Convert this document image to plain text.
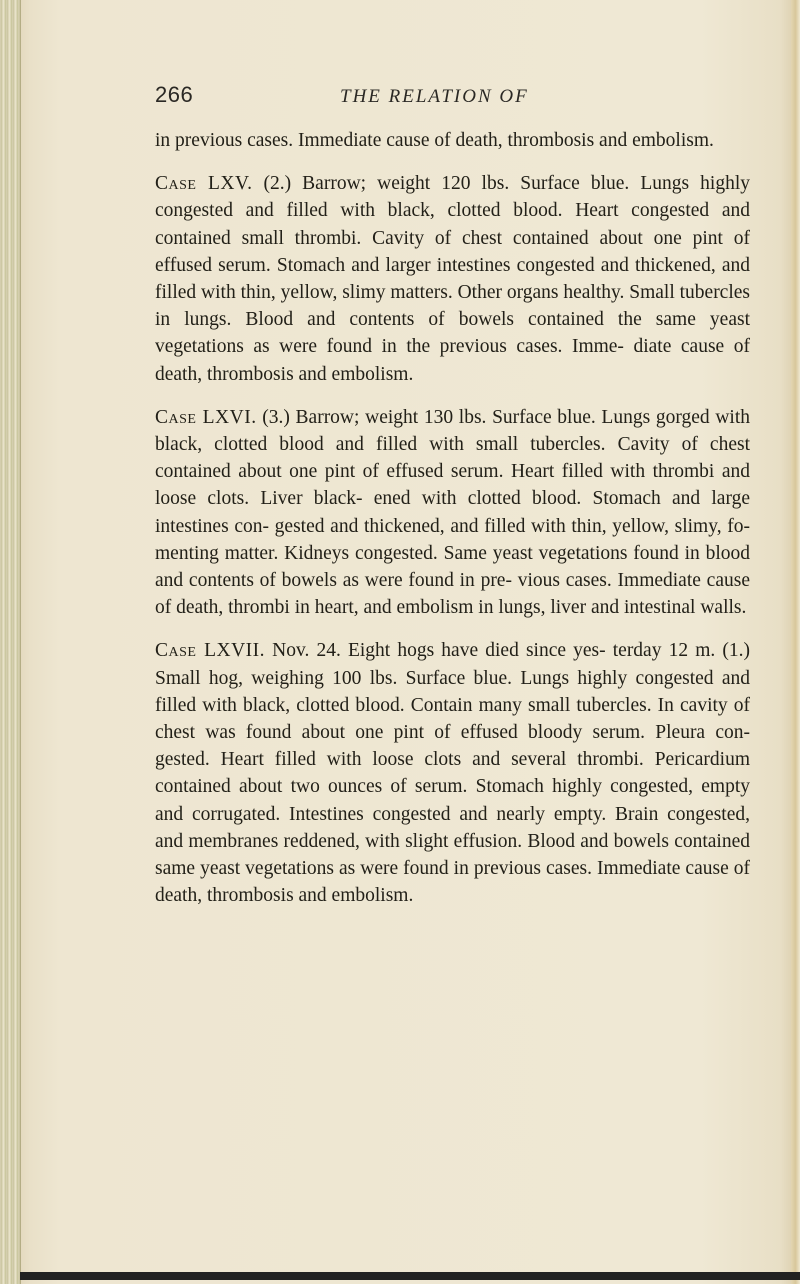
266	THE RELATION OF

in previous cases. Immediate cause of death, thrombosis and embolism.

Case LXV. (2.) Barrow; weight 120 lbs. Surface blue. Lungs highly congested and filled with black, clotted blood. Heart congested and contained small thrombi. Cavity of chest contained about one pint of effused serum. Stomach and larger intestines congested and thickened, and filled with thin, yellow, slimy matters. Other organs healthy. Small tubercles in lungs. Blood and contents of bowels contained the same yeast vegetations as were found in the previous cases. Imme- diate cause of death, thrombosis and embolism.

Case LXVI. (3.) Barrow; weight 130 lbs. Surface blue. Lungs gorged with black, clotted blood and filled with small tubercles. Cavity of chest contained about one pint of effused serum. Heart filled with thrombi and loose clots. Liver black- ened with clotted blood. Stomach and large intestines con- gested and thickened, and filled with thin, yellow, slimy, fo- menting matter. Kidneys congested. Same yeast vegetations found in blood and contents of bowels as were found in pre- vious cases. Immediate cause of death, thrombi in heart, and embolism in lungs, liver and intestinal walls.

Case LXVII. Nov. 24. Eight hogs have died since yes- terday 12 m. (1.) Small hog, weighing 100 lbs. Surface blue. Lungs highly congested and filled with black, clotted blood. Contain many small tubercles. In cavity of chest was found about one pint of effused bloody serum. Pleura con- gested. Heart filled with loose clots and several thrombi. Pericardium contained about two ounces of serum. Stomach highly congested, empty and corrugated. Intestines congested and nearly empty. Brain congested, and membranes reddened, with slight effusion. Blood and bowels contained same yeast vegetations as were found in previous cases. Immediate cause of death, thrombosis and embolism.
